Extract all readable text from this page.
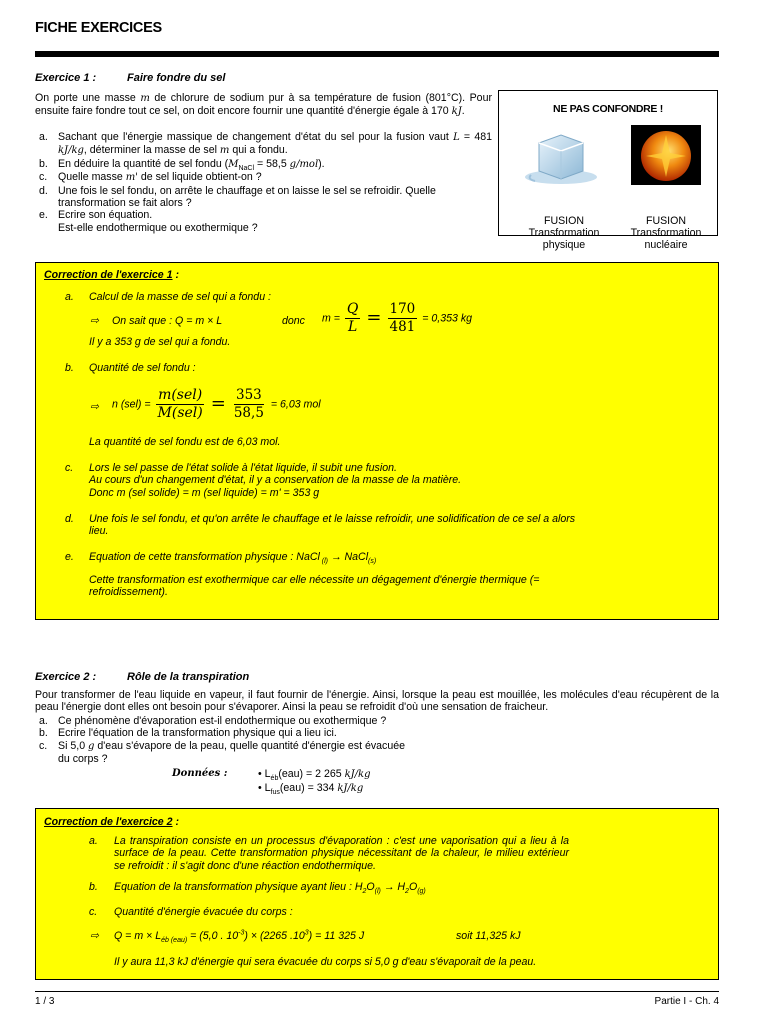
FICHE EXERCICES
Exercice 1 :	Faire fondre du sel
On porte une masse m de chlorure de sodium pur à sa température de fusion (801°C). Pour ensuite faire fondre tout ce sel, on doit encore fournir une quantité d'énergie égale à 170 kJ.
a. Sachant que l'énergie massique de changement d'état du sel pour la fusion vaut L = 481 kJ/kg, déterminer la masse de sel m qui a fondu.
b. En déduire la quantité de sel fondu ($M_{NaCl} = 58,5$ g/mol).
c. Quelle masse m' de sel liquide obtient-on ?
d. Une fois le sel fondu, on arrête le chauffage et on laisse le sel se refroidir. Quelle transformation se fait alors ?
e. Ecrire son équation.
Est-elle endothermique ou exothermique ?
NE PAS CONFONDRE !
FUSION
Transformation
physique
FUSION
Transformation
nucléaire
Correction de l'exercice 1 :
a. Calcul de la masse de sel qui a fondu :
⇨ On sait que : Q = m × L	donc $m = \frac{Q}{L} = \frac{170}{481} = 0,353$ kg
Il y a 353 g de sel qui a fondu.
b. Quantité de sel fondu :
⇨ n $(sel) = \frac{\text{m(sel)}}{\text{M(sel)}} = \frac{353}{58,5} = 6,03$ mol
La quantité de sel fondu est de 6,03 mol.
c. Lors le sel passe de l'état solide à l'état liquide, il subit une fusion.
Au cours d'un changement d'état, il y a conservation de la masse de la matière.
Donc m (sel solide) = m (sel liquide) = m' = 353 g
d. Une fois le sel fondu, et qu'on arrête le chauffage et le laisse refroidir, une solidification de ce sel a alors lieu.
e. Equation de cette transformation physique : NaCl $_{(l)}$ → NaCl$_{(s)}$
Cette transformation est exothermique car elle nécessite un dégagement d'énergie thermique (= refroidissement).
Exercice 2 :	Rôle de la transpiration
Pour transformer de l'eau liquide en vapeur, il faut fournir de l'énergie. Ainsi, lorsque la peau est mouillée, les molécules d'eau récupèrent de la peau l'énergie dont elles ont besoin pour s'évaporer. Ainsi la peau se refroidit d'où une sensation de fraicheur.
a. Ce phénomène d'évaporation est-il endothermique ou exothermique ?
b. Ecrire l'équation de la transformation physique qui a lieu ici.
c. Si 5,0 g d'eau s'évapore de la peau, quelle quantité d'énergie est évacuée
du corps ?
Données :	• $L_{éb}(eau) = 2$ 265 kJ/kg
• $L_{fus}(eau) = 334$ kJ/kg
Correction de l'exercice 2 :
a. La transpiration consiste en un processus d'évaporation : c'est une vaporisation qui a lieu à la surface de la peau. Cette transformation physique nécessitant de la chaleur, le milieu extérieur se refroidit : il s'agit donc d'une réaction endothermique.
b. Equation de la transformation physique ayant lieu : $H_2O_{(l)} \to H_2O_{(g)}$
c. Quantité d'énergie évacuée du corps :
⇨ $Q = m \times L_{éb (eau)} = (5,0$ . $10^{-3}) \times (2265$ $.10^3) = 11$ 325 J	soit 11,325 kJ
Il y aura 11,3 kJ d'énergie qui sera évacuée du corps si 5,0 g d'eau s'évaporait de la peau.
1 / 3	Partie I - Ch. 4
